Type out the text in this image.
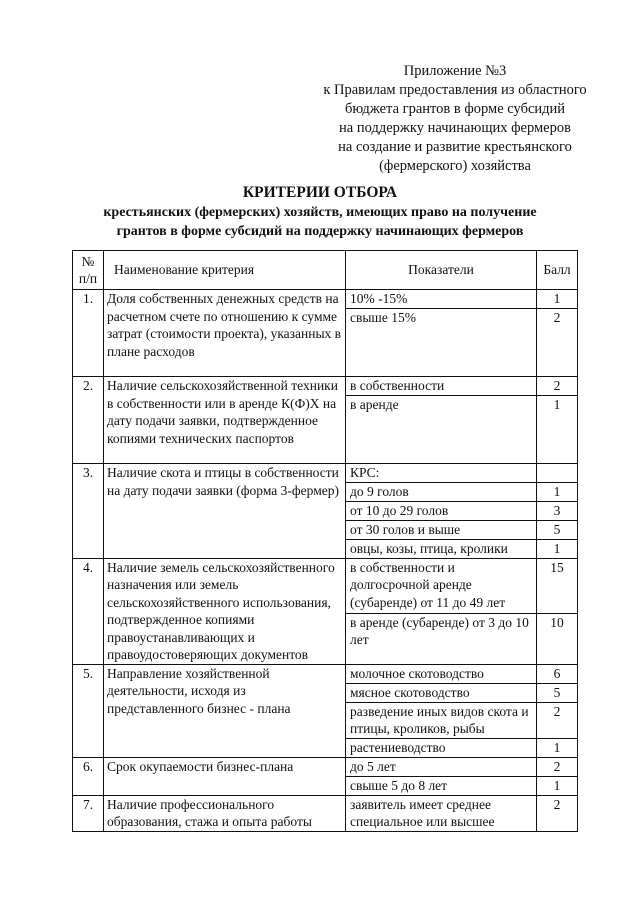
Приложение №3
к Правилам предоставления из областного
бюджета грантов в форме субсидий
на поддержку начинающих фермеров
на создание и развитие крестьянского
(фермерского) хозяйства
КРИТЕРИИ ОТБОРА
крестьянских (фермерских) хозяйств, имеющих право на получение
грантов в форме субсидий на поддержку начинающих фермеров
№
п/п	Наименование критерия	Показатели	Балл
1.	Доля собственных денежных средств на расчетном счете по отношению к сумме затрат (стоимости проекта), указанных в плане расходов	10% -15%	1
		свыше 15%	2
2.	Наличие сельскохозяйственной техники в собственности или в аренде К(Ф)Х на дату подачи заявки, подтвержденное копиями технических паспортов	в собственности	2
		в аренде	1
3.	Наличие скота и птицы в собственности на дату подачи заявки (форма 3-фермер)	КРС:	
		до 9 голов	1
		от 10 до 29 голов	3
		от 30 голов и выше	5
		овцы, козы, птица, кролики	1
4.	Наличие земель сельскохозяйственного назначения или земель сельскохозяйственного использования, подтвержденное копиями правоустанавливающих и правоудостоверяющих документов	в собственности и долгосрочной аренде (субаренде) от 11 до 49 лет	15
		в аренде (субаренде) от 3 до 10 лет	10
5.	Направление хозяйственной деятельности, исходя из представленного бизнес - плана	молочное скотоводство	6
		мясное скотоводство	5
		разведение иных видов скота и птицы, кроликов, рыбы	2
		растениеводство	1
6.	Срок окупаемости бизнес-плана	до 5 лет	2
		свыше 5 до 8 лет	1
7.	Наличие профессионального образования, стажа и опыта работы	заявитель имеет среднее специальное или высшее	2
